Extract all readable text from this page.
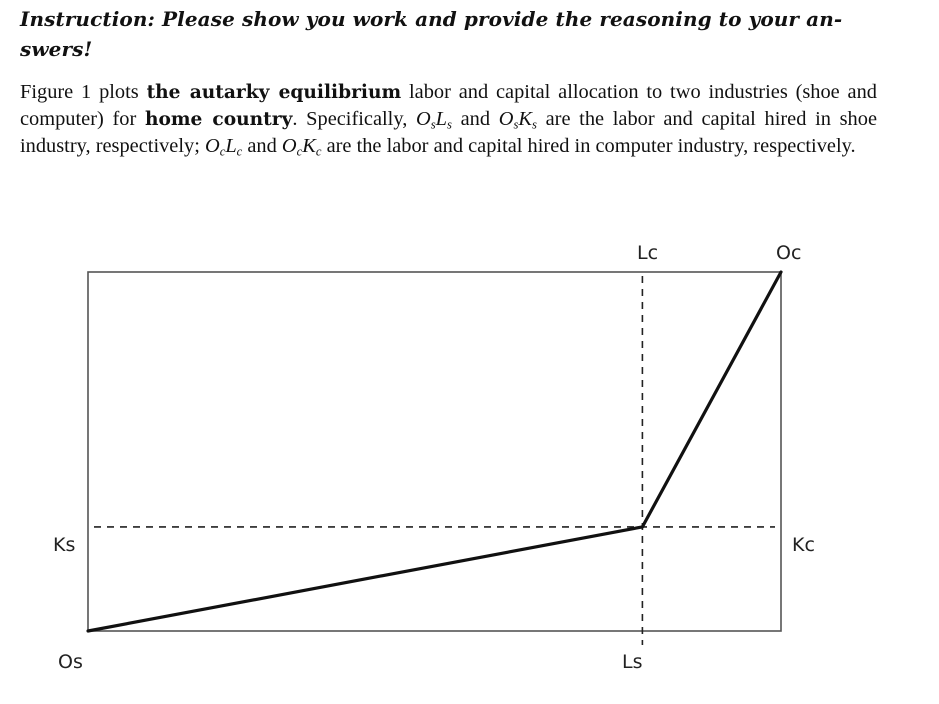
Instruction: Please show you work and provide the reasoning to your an- swers!
Figure 1 plots the autarky equilibrium labor and capital allocation to two industries (shoe and computer) for home country. Specifically, $O_sL_s$ and $O_sK_s$ are the labor and capital hired in shoe industry, respectively; $O_cL_c$ and $O_cK_c$ are the labor and capital hired in computer industry, respectively.
Lc	Oc
Ks	Kc
Os	Ls
